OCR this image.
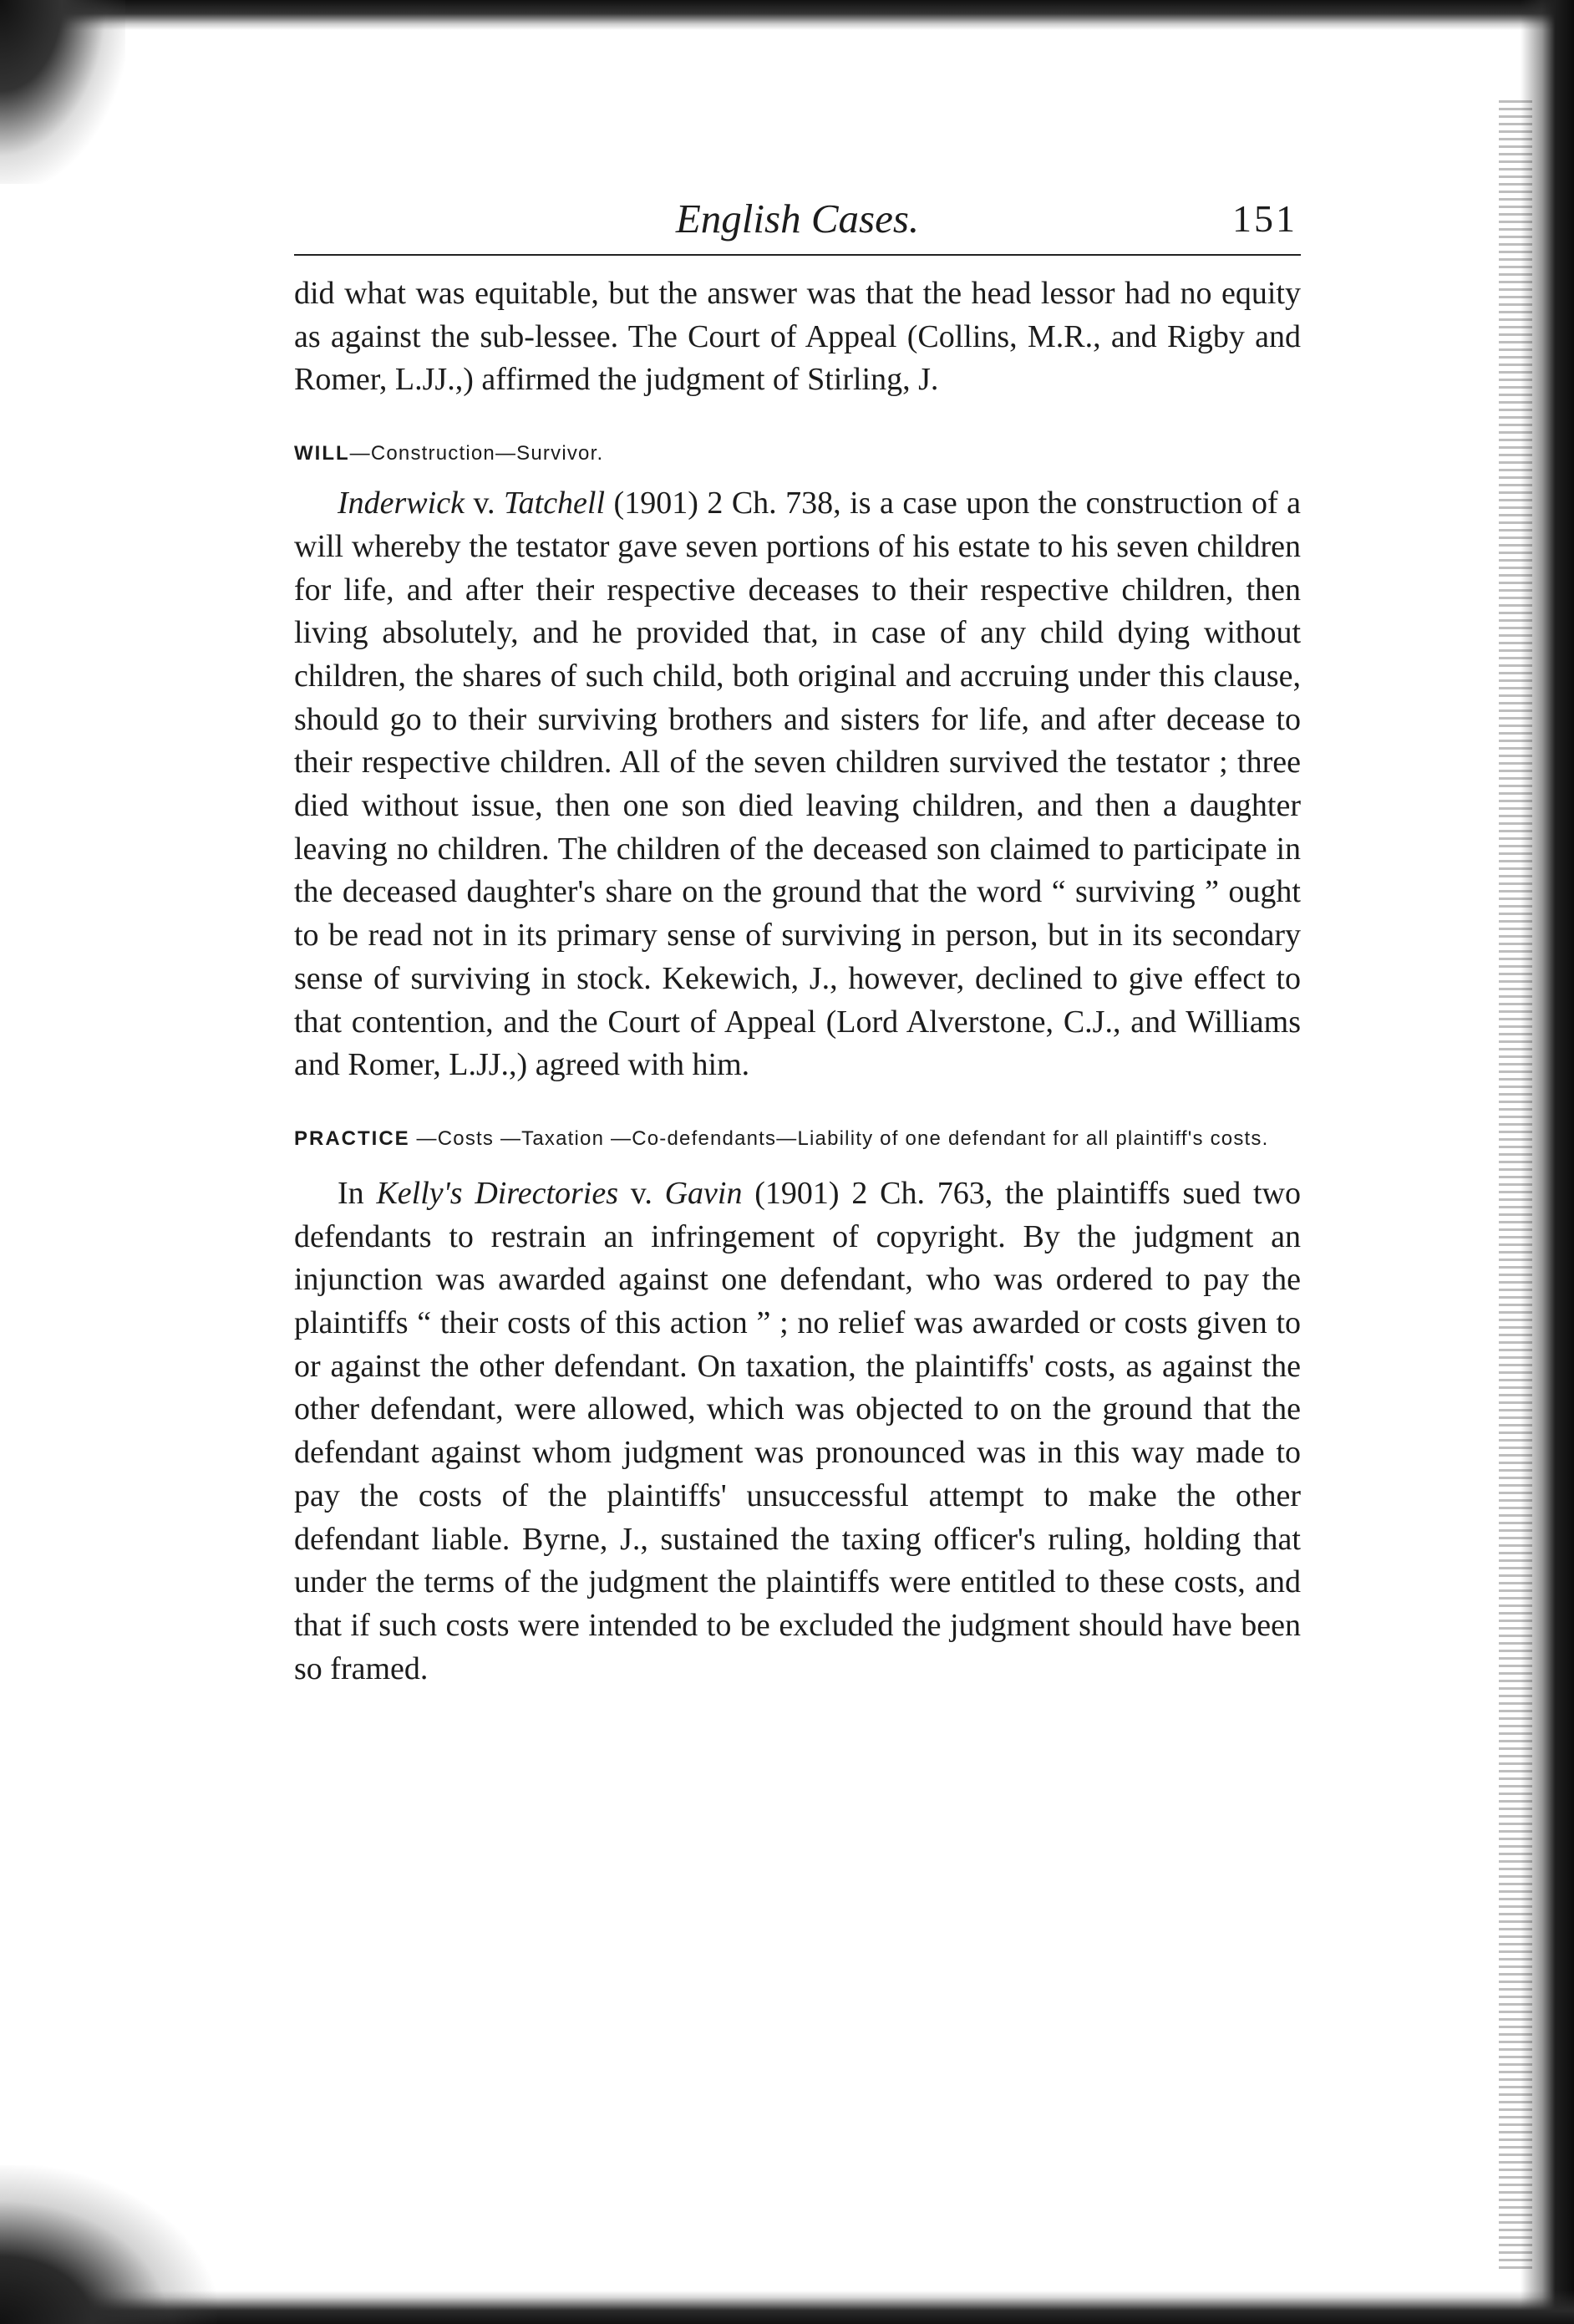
English Cases.	151

did what was equitable, but the answer was that the head lessor had no equity as against the sub-lessee. The Court of Appeal (Collins, M.R., and Rigby and Romer, L.JJ.,) affirmed the judgment of Stirling, J.

WILL—Construction—Survivor.

Inderwick v. Tatchell (1901) 2 Ch. 738, is a case upon the construction of a will whereby the testator gave seven portions of his estate to his seven children for life, and after their respective deceases to their respective children, then living absolutely, and he provided that, in case of any child dying without children, the shares of such child, both original and accruing under this clause, should go to their surviving brothers and sisters for life, and after decease to their respective children. All of the seven children survived the testator ; three died without issue, then one son died leaving children, and then a daughter leaving no children. The children of the deceased son claimed to participate in the deceased daughter's share on the ground that the word “ surviving ” ought to be read not in its primary sense of surviving in person, but in its secondary sense of surviving in stock. Kekewich, J., however, declined to give effect to that contention, and the Court of Appeal (Lord Alverstone, C.J., and Williams and Romer, L.JJ.,) agreed with him.

PRACTICE —Costs —Taxation —Co-defendants—Liability of one defendant for all plaintiff's costs.

In Kelly's Directories v. Gavin (1901) 2 Ch. 763, the plaintiffs sued two defendants to restrain an infringement of copyright. By the judgment an injunction was awarded against one defendant, who was ordered to pay the plaintiffs “ their costs of this action ” ; no relief was awarded or costs given to or against the other defendant. On taxation, the plaintiffs' costs, as against the other defendant, were allowed, which was objected to on the ground that the defendant against whom judgment was pronounced was in this way made to pay the costs of the plaintiffs' unsuccessful attempt to make the other defendant liable. Byrne, J., sustained the taxing officer's ruling, holding that under the terms of the judgment the plaintiffs were entitled to these costs, and that if such costs were intended to be excluded the judgment should have been so framed.
